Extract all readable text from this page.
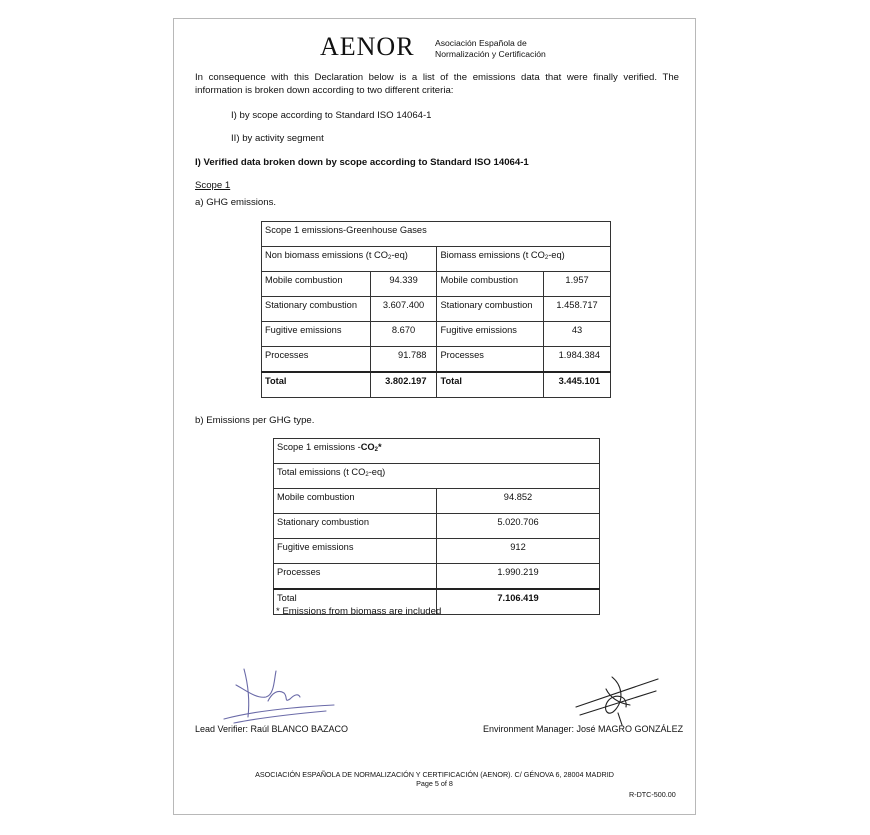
AENOR Asociación Española de
Normalización y Certificación
In consequence with this Declaration below is a list of the emissions data that were finally verified. The information is broken down according to two different criteria:
I) by scope according to Standard ISO 14064-1
II) by activity segment
I) Verified data broken down by scope according to Standard ISO 14064-1
Scope 1
a) GHG emissions.
Scope 1 emissions-Greenhouse Gases			
Non biomass emissions (t $CO_2-eq$)		Biomass emissions (t $CO_2-eq$)	
Mobile combustion	94.339	Mobile combustion	1.957
Stationary combustion	3.607.400	Stationary combustion	1.458.717
Fugitive emissions	8.670	Fugitive emissions	43
Processes	91.788	Processes	1.984.384
Total	3.802.197	Total	3.445.101
b) Emissions per GHG type.
Scope 1 emissions $-CO_2*$	
Total emissions (t $CO_2-eq$)	
Mobile combustion	94.852
Stationary combustion	5.020.706
Fugitive emissions	912
Processes	1.990.219
Total	7.106.419
* Emissions from biomass are included
Lead Verifier: Raúl BLANCO BAZACO	Environment Manager: José MAGRO GONZÁLEZ
ASOCIACIÓN ESPAÑOLA DE NORMALIZACIÓN Y CERTIFICACIÓN (AENOR). C/ GÉNOVA 6, 28004 MADRID
Page 5 of 8
R-DTC-500.00
